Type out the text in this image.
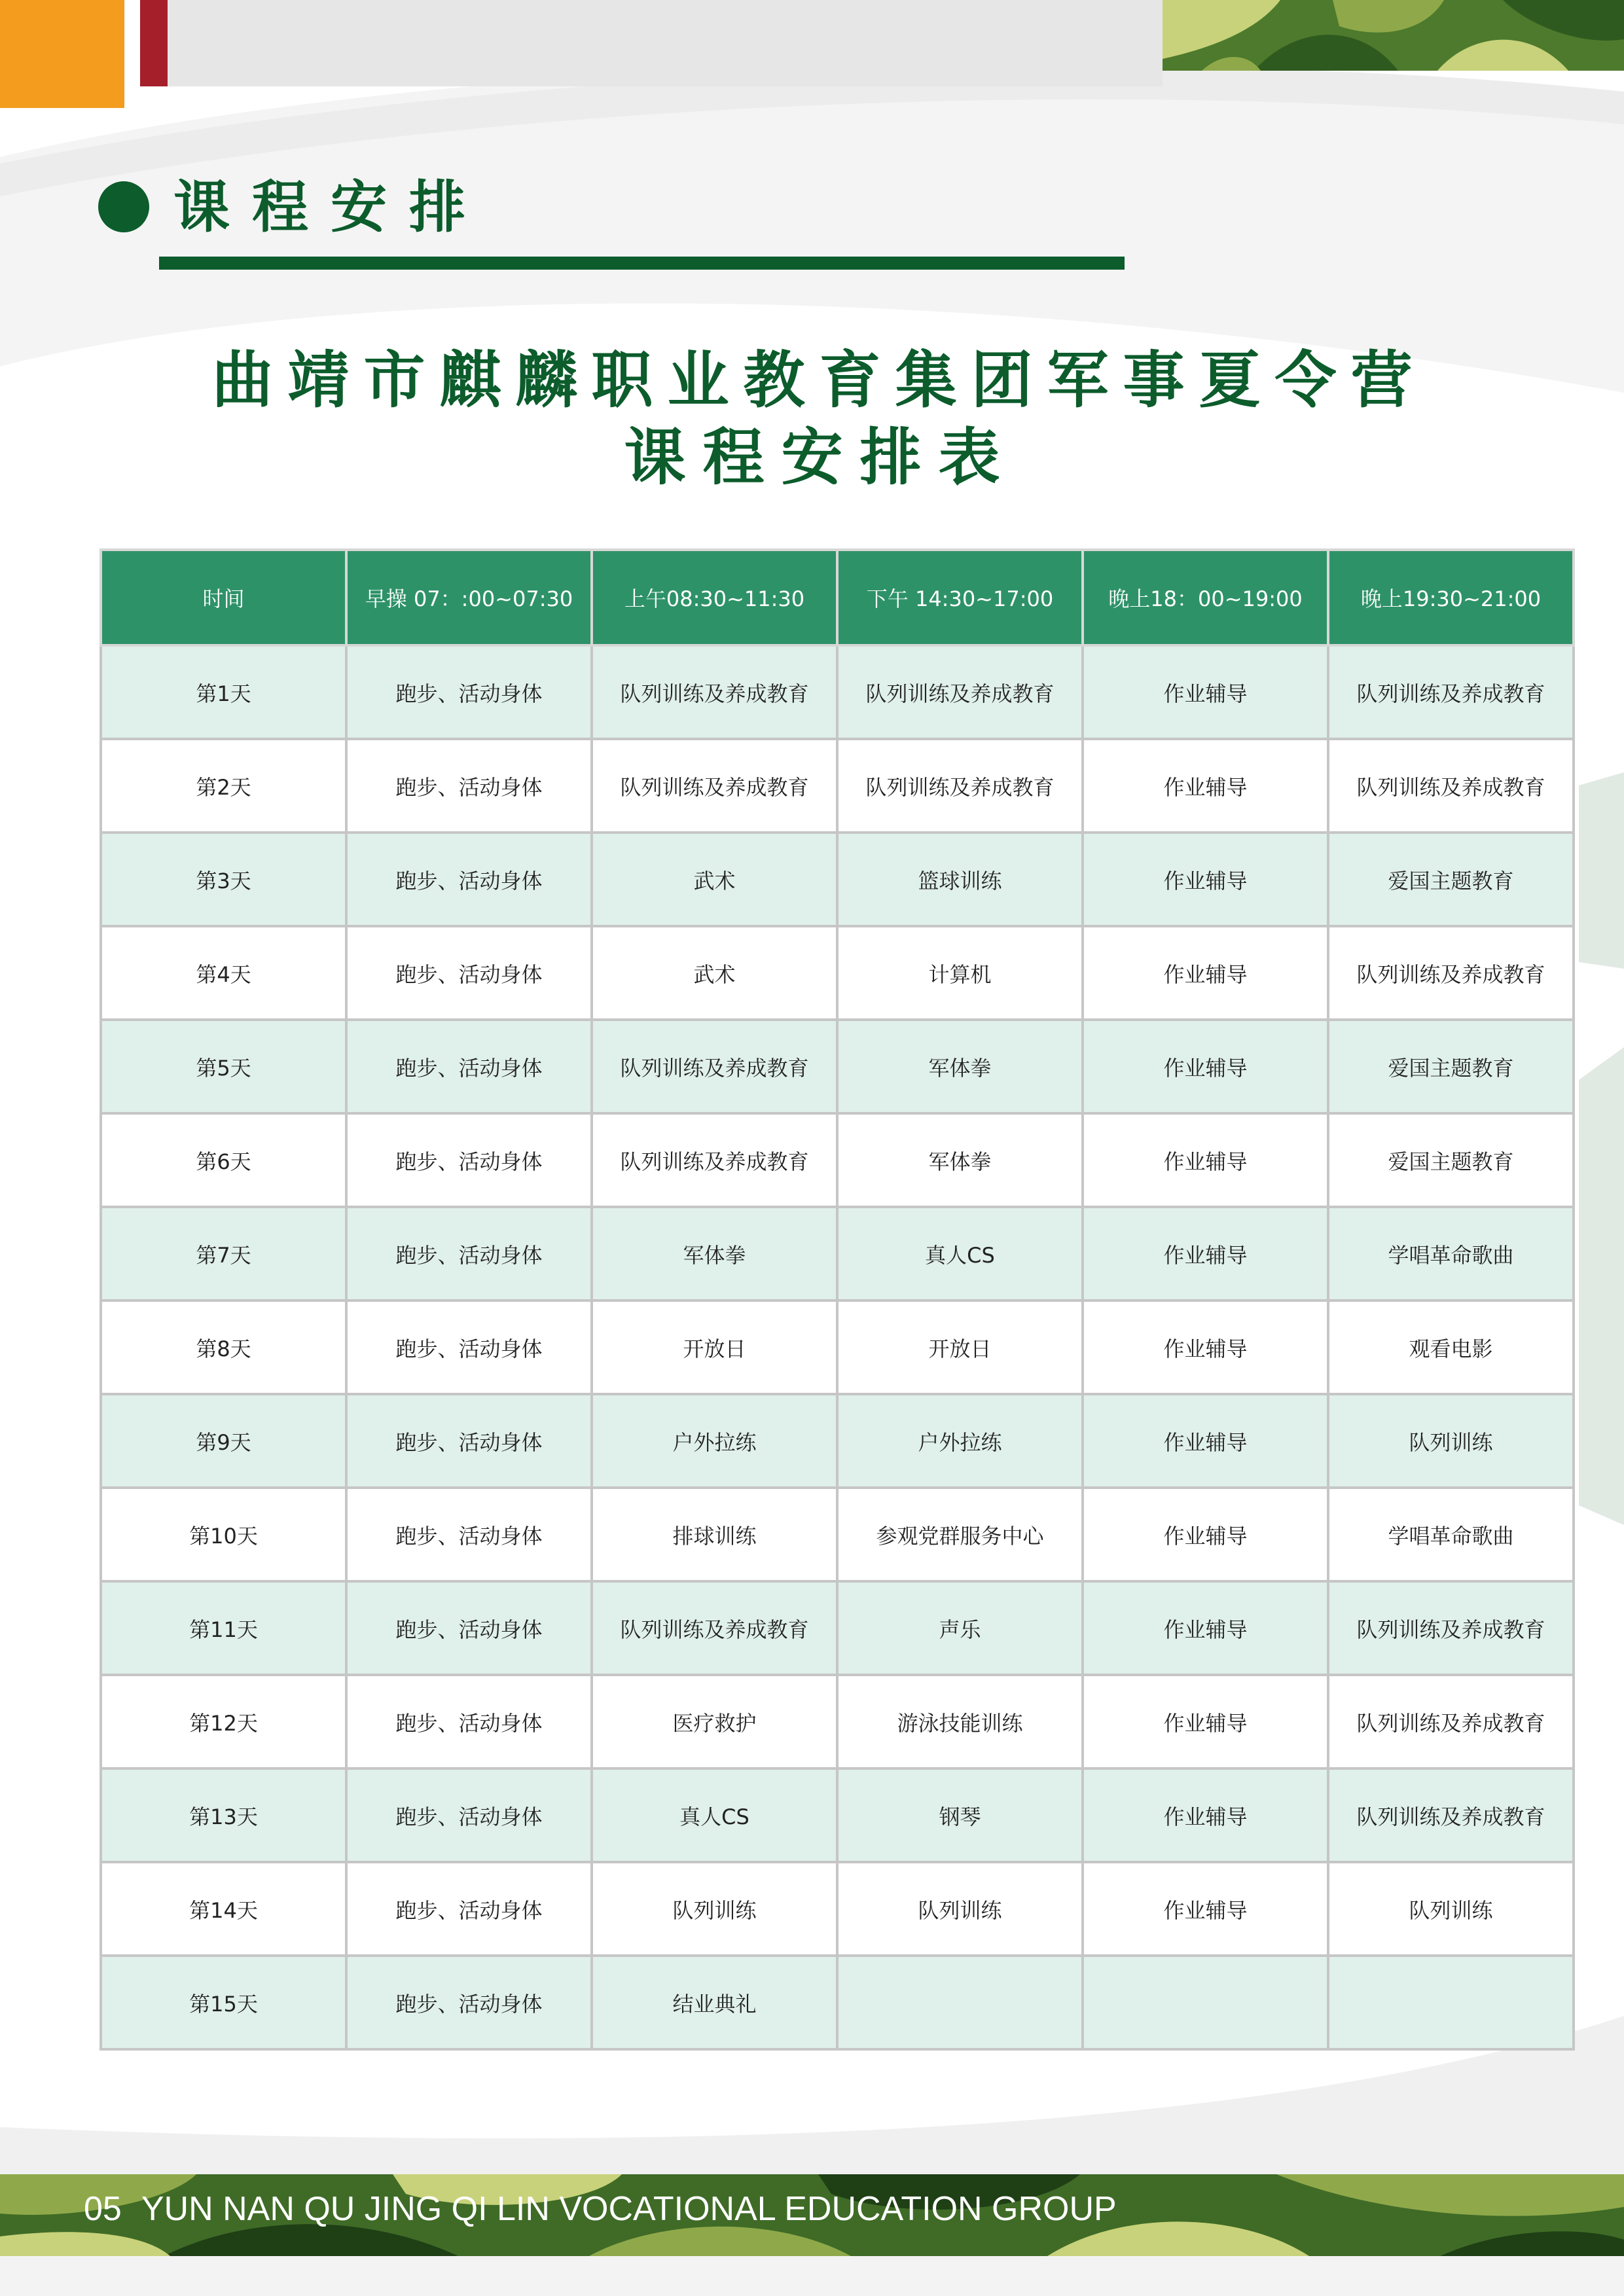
课程安排
曲靖市麒麟职业教育集团军事夏令营
课程安排表
时间	早操 07：:00~07:30	上午08:30~11:30	下午 14:30~17:00	晚上18：00~19:00	晚上19:30~21:00
第1天	跑步、活动身体	队列训练及养成教育	队列训练及养成教育	作业辅导	队列训练及养成教育
第2天	跑步、活动身体	队列训练及养成教育	队列训练及养成教育	作业辅导	队列训练及养成教育
第3天	跑步、活动身体	武术	篮球训练	作业辅导	爱国主题教育
第4天	跑步、活动身体	武术	计算机	作业辅导	队列训练及养成教育
第5天	跑步、活动身体	队列训练及养成教育	军体拳	作业辅导	爱国主题教育
第6天	跑步、活动身体	队列训练及养成教育	军体拳	作业辅导	爱国主题教育
第7天	跑步、活动身体	军体拳	真人CS	作业辅导	学唱革命歌曲
第8天	跑步、活动身体	开放日	开放日	作业辅导	观看电影
第9天	跑步、活动身体	户外拉练	户外拉练	作业辅导	队列训练
第10天	跑步、活动身体	排球训练	参观党群服务中心	作业辅导	学唱革命歌曲
第11天	跑步、活动身体	队列训练及养成教育	声乐	作业辅导	队列训练及养成教育
第12天	跑步、活动身体	医疗救护	游泳技能训练	作业辅导	队列训练及养成教育
第13天	跑步、活动身体	真人CS	钢琴	作业辅导	队列训练及养成教育
第14天	跑步、活动身体	队列训练	队列训练	作业辅导	队列训练
第15天	跑步、活动身体	结业典礼			

05 YUN NAN QU JING QI LIN VOCATIONAL EDUCATION GROUP
